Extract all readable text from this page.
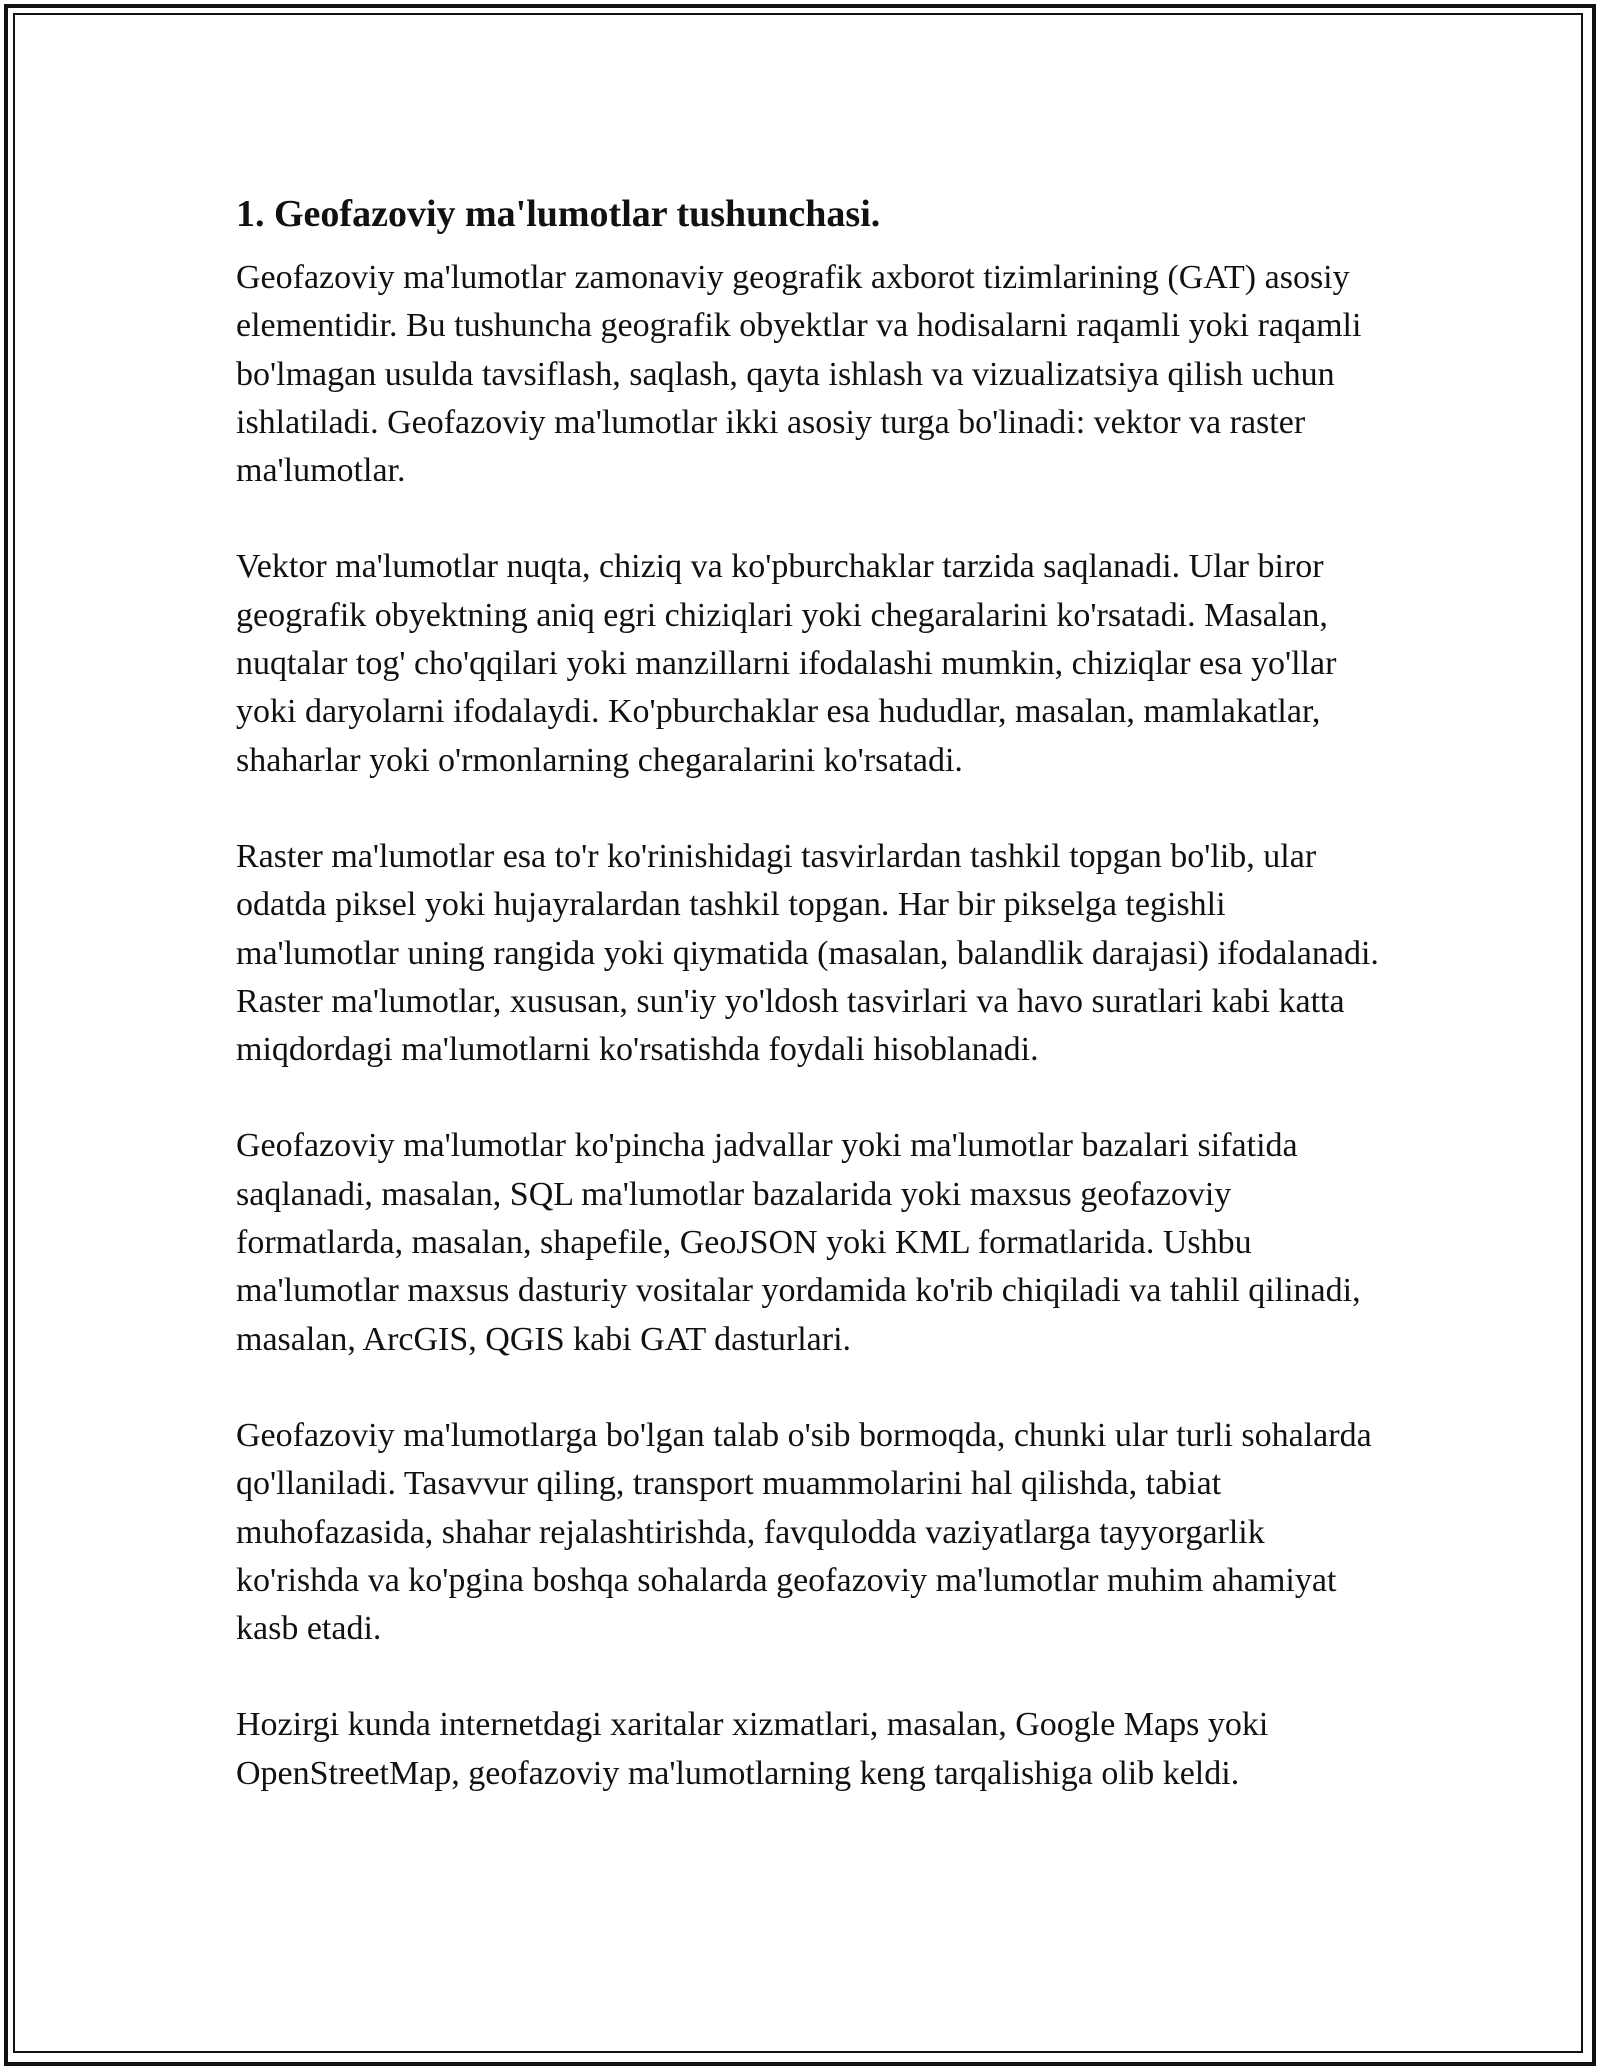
1. Geofazoviy ma'lumotlar tushunchasi.

Geofazoviy ma'lumotlar zamonaviy geografik axborot tizimlarining (GAT) asosiy elementidir. Bu tushuncha geografik obyektlar va hodisalarni raqamli yoki raqamli bo'lmagan usulda tavsiflash, saqlash, qayta ishlash va vizualizatsiya qilish uchun ishlatiladi. Geofazoviy ma'lumotlar ikki asosiy turga bo'linadi: vektor va raster ma'lumotlar.

Vektor ma'lumotlar nuqta, chiziq va ko'pburchaklar tarzida saqlanadi. Ular biror geografik obyektning aniq egri chiziqlari yoki chegaralarini ko'rsatadi. Masalan, nuqtalar tog' cho'qqilari yoki manzillarni ifodalashi mumkin, chiziqlar esa yo'llar yoki daryolarni ifodalaydi. Ko'pburchaklar esa hududlar, masalan, mamlakatlar, shaharlar yoki o'rmonlarning chegaralarini ko'rsatadi.

Raster ma'lumotlar esa to'r ko'rinishidagi tasvirlardan tashkil topgan bo'lib, ular odatda piksel yoki hujayralardan tashkil topgan. Har bir pikselga tegishli ma'lumotlar uning rangida yoki qiymatida (masalan, balandlik darajasi) ifodalanadi. Raster ma'lumotlar, xususan, sun'iy yo'ldosh tasvirlari va havo suratlari kabi katta miqdordagi ma'lumotlarni ko'rsatishda foydali hisoblanadi.

Geofazoviy ma'lumotlar ko'pincha jadvallar yoki ma'lumotlar bazalari sifatida saqlanadi, masalan, SQL ma'lumotlar bazalarida yoki maxsus geofazoviy formatlarda, masalan, shapefile, GeoJSON yoki KML formatlarida. Ushbu ma'lumotlar maxsus dasturiy vositalar yordamida ko'rib chiqiladi va tahlil qilinadi, masalan, ArcGIS, QGIS kabi GAT dasturlari.

Geofazoviy ma'lumotlarga bo'lgan talab o'sib bormoqda, chunki ular turli sohalarda qo'llaniladi. Tasavvur qiling, transport muammolarini hal qilishda, tabiat muhofazasida, shahar rejalashtirishda, favqulodda vaziyatlarga tayyorgarlik ko'rishda va ko'pgina boshqa sohalarda geofazoviy ma'lumotlar muhim ahamiyat kasb etadi.

Hozirgi kunda internetdagi xaritalar xizmatlari, masalan, Google Maps yoki OpenStreetMap, geofazoviy ma'lumotlarning keng tarqalishiga olib keldi.
